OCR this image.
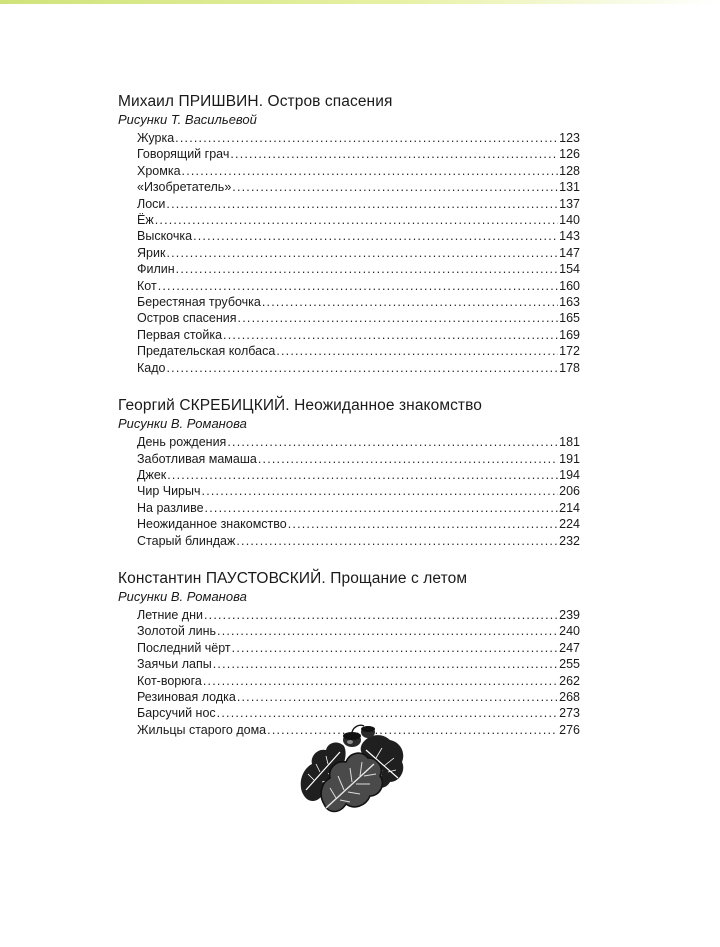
Михаил ПРИШВИН. Остров спасения
Рисунки Т. Васильевой
Журка .....	123
Говорящий грач .....	126
Хромка .....	128
«Изобретатель» .....	131
Лоси .....	137
Ёж .....	140
Выскочка .....	143
Ярик .....	147
Филин .....	154
Кот .....	160
Берестяная трубочка .....	163
Остров спасения .....	165
Первая стойка .....	169
Предательская колбаса .....	172
Кадо .....	178
Георгий СКРЕБИЦКИЙ. Неожиданное знакомство
Рисунки В. Романова
День рождения .....	181
Заботливая мамаша .....	191
Джек .....	194
Чир Чирыч .....	206
На разливе .....	214
Неожиданное знакомство .....	224
Старый блиндаж .....	232
Константин ПАУСТОВСКИЙ. Прощание с летом
Рисунки В. Романова
Летние дни .....	239
Золотой линь .....	240
Последний чёрт .....	247
Заячьи лапы .....	255
Кот-ворюга .....	262
Резиновая лодка .....	268
Барсучий нос .....	273
Жильцы старого дома .....	276
